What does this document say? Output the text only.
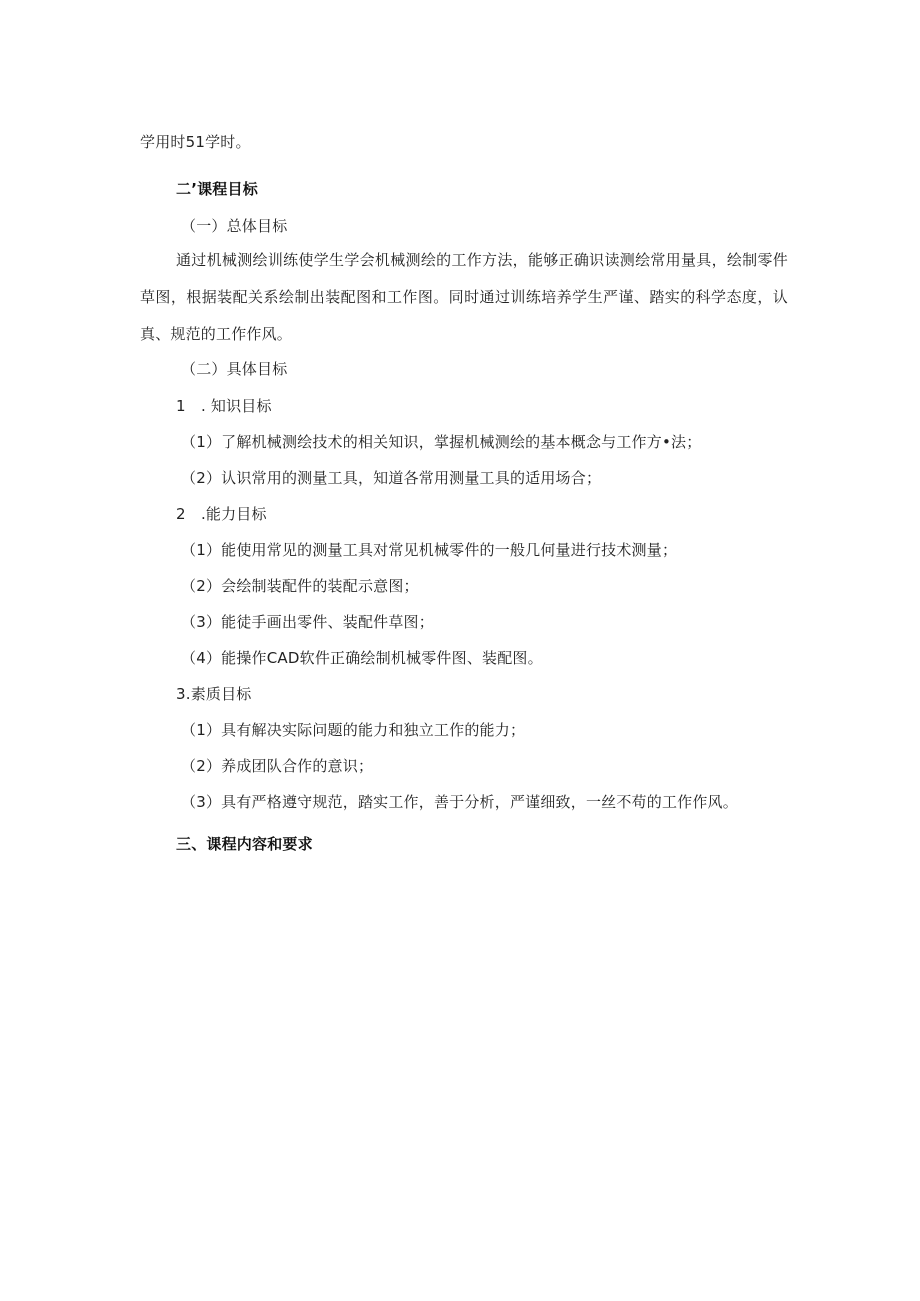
学用时51学时。
二’课程目标
（一）总体目标
通过机械测绘训练使学生学会机械测绘的工作方法，能够正确识读测绘常用量具，绘制零件草图，根据装配关系绘制出装配图和工作图。同时通过训练培养学生严谨、踏实的科学态度，认真、规范的工作作风。
（二）具体目标
1　. 知识目标
（1）了解机械测绘技术的相关知识，掌握机械测绘的基本概念与工作方•法；
（2）认识常用的测量工具，知道各常用测量工具的适用场合；
2　.能力目标
（1）能使用常见的测量工具对常见机械零件的一般几何量进行技术测量；
（2）会绘制装配件的装配示意图；
（3）能徒手画出零件、装配件草图；
（4）能操作CAD软件正确绘制机械零件图、装配图。
3.素质目标
（1）具有解决实际问题的能力和独立工作的能力；
（2）养成团队合作的意识；
（3）具有严格遵守规范，踏实工作，善于分析，严谨细致，一丝不苟的工作作风。
三、课程内容和要求
